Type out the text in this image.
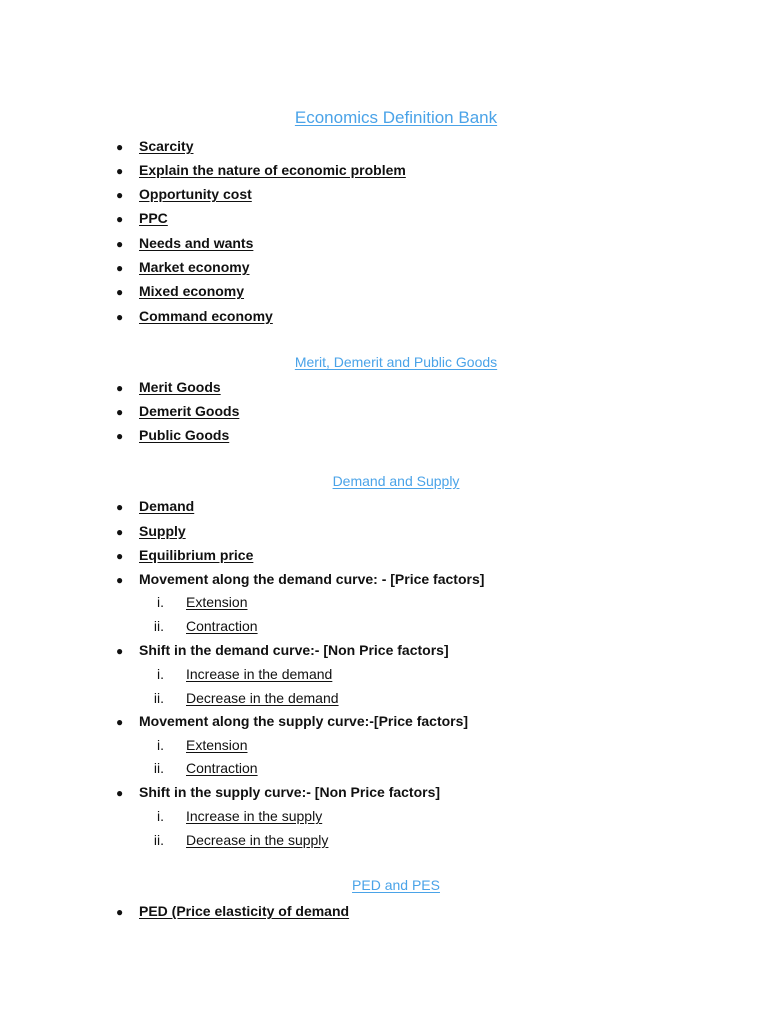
Economics Definition Bank
● Scarcity
● Explain the nature of economic problem
● Opportunity cost
● PPC
● Needs and wants
● Market economy
● Mixed economy
● Command economy
Merit, Demerit and Public Goods
● Merit Goods
● Demerit Goods
● Public Goods
Demand and Supply
● Demand
● Supply
● Equilibrium price
● Movement along the demand curve: - [Price factors]
i. Extension
ii. Contraction
● Shift in the demand curve:- [Non Price factors]
i. Increase in the demand
ii. Decrease in the demand
● Movement along the supply curve:-[Price factors]
i. Extension
ii. Contraction
● Shift in the supply curve:- [Non Price factors]
i. Increase in the supply
ii. Decrease in the supply
PED and PES
● PED (Price elasticity of demand
